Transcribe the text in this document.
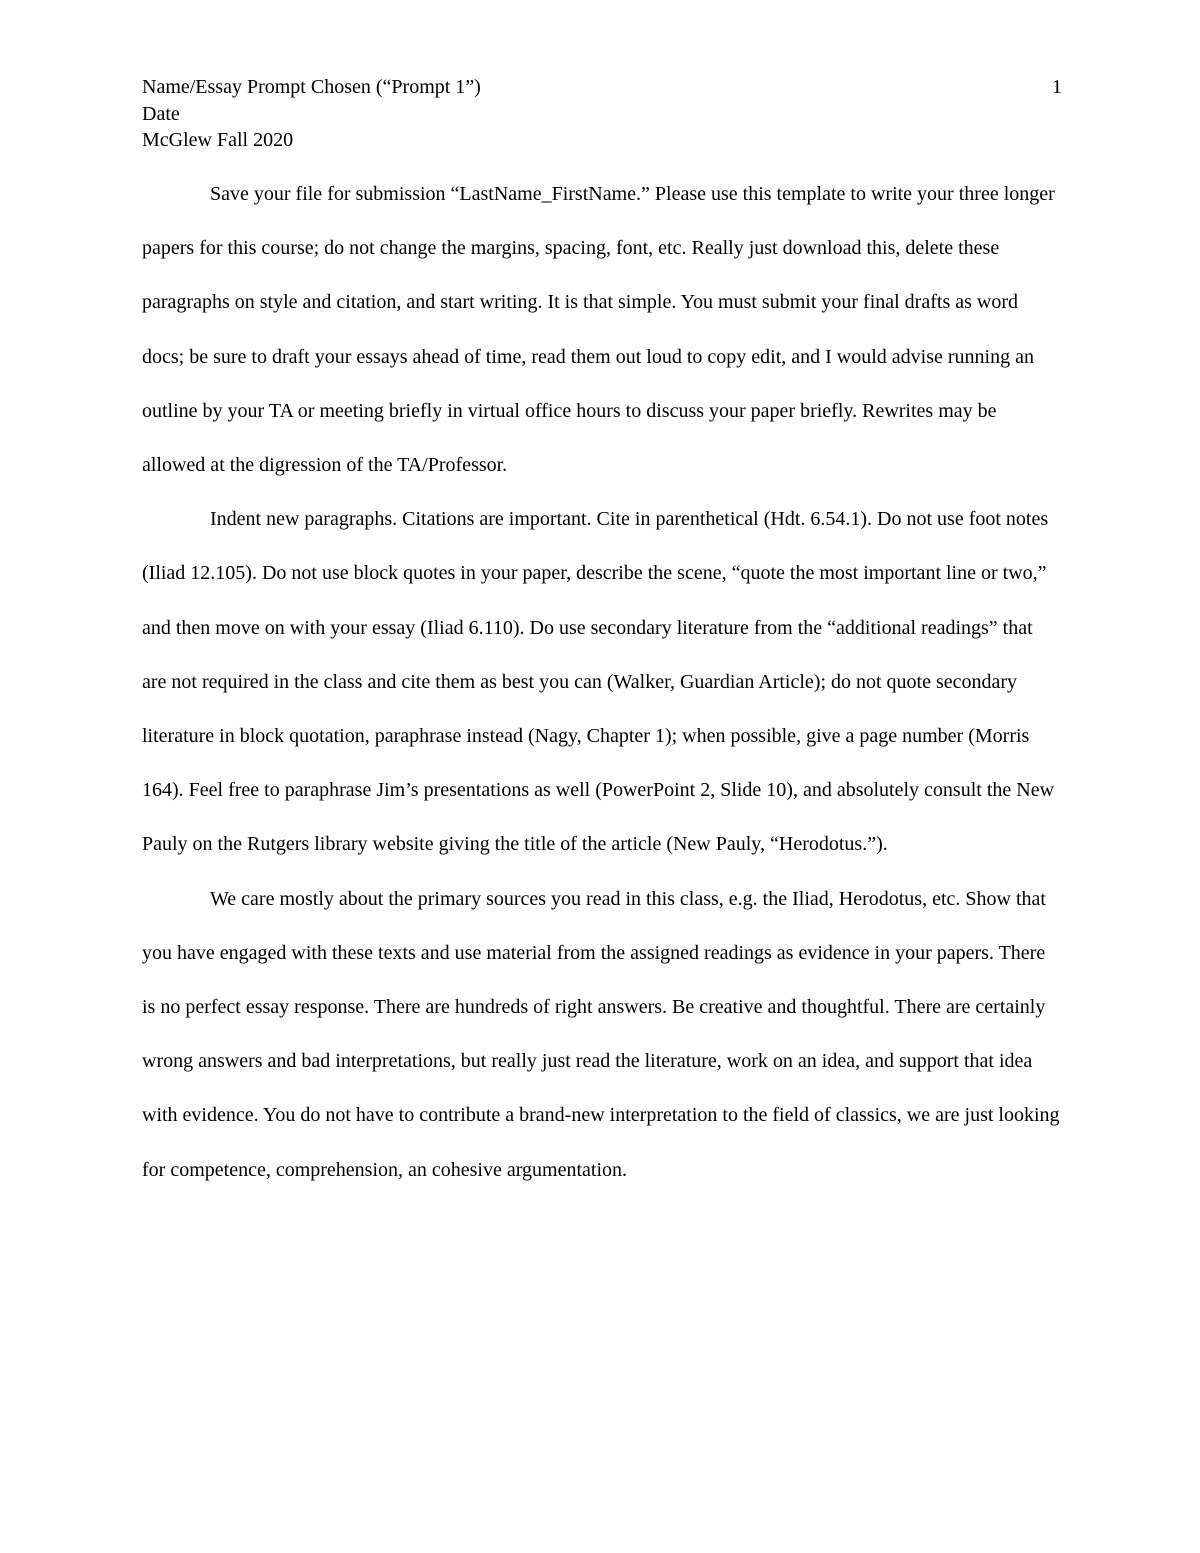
Name/Essay Prompt Chosen (“Prompt 1”)
Date
McGlew Fall 2020
1

Save your file for submission “LastName_FirstName.” Please use this template to write your three longer papers for this course; do not change the margins, spacing, font, etc. Really just download this, delete these paragraphs on style and citation, and start writing. It is that simple. You must submit your final drafts as word docs; be sure to draft your essays ahead of time, read them out loud to copy edit, and I would advise running an outline by your TA or meeting briefly in virtual office hours to discuss your paper briefly. Rewrites may be allowed at the digression of the TA/Professor.

Indent new paragraphs. Citations are important. Cite in parenthetical (Hdt. 6.54.1). Do not use foot notes (Iliad 12.105). Do not use block quotes in your paper, describe the scene, “quote the most important line or two,” and then move on with your essay (Iliad 6.110). Do use secondary literature from the “additional readings” that are not required in the class and cite them as best you can (Walker, Guardian Article); do not quote secondary literature in block quotation, paraphrase instead (Nagy, Chapter 1); when possible, give a page number (Morris 164). Feel free to paraphrase Jim’s presentations as well (PowerPoint 2, Slide 10), and absolutely consult the New Pauly on the Rutgers library website giving the title of the article (New Pauly, “Herodotus.”).

We care mostly about the primary sources you read in this class, e.g. the Iliad, Herodotus, etc. Show that you have engaged with these texts and use material from the assigned readings as evidence in your papers. There is no perfect essay response. There are hundreds of right answers. Be creative and thoughtful. There are certainly wrong answers and bad interpretations, but really just read the literature, work on an idea, and support that idea with evidence. You do not have to contribute a brand-new interpretation to the field of classics, we are just looking for competence, comprehension, an cohesive argumentation.
